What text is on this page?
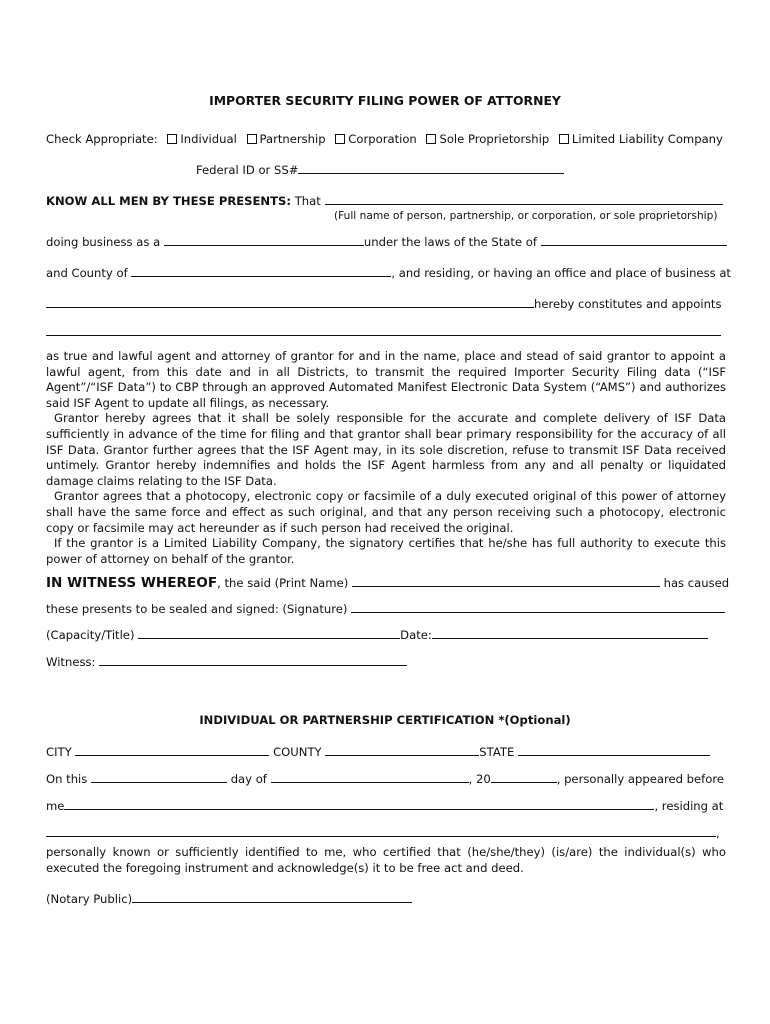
IMPORTER SECURITY FILING POWER OF ATTORNEY
Check Appropriate: Individual Partnership Corporation Sole Proprietorship Limited Liability Company
Federal ID or SS#
KNOW ALL MEN BY THESE PRESENTS: That
(Full name of person, partnership, or corporation, or sole proprietorship)
doing business as a	under the laws of the State of
and County of	, and residing, or having an office and place of business at
hereby constitutes and appoints

as true and lawful agent and attorney of grantor for and in the name, place and stead of said grantor to appoint a lawful agent, from this date and in all Districts, to transmit the required Importer Security Filing data (“ISF Agent”/“ISF Data”) to CBP through an approved Automated Manifest Electronic Data System (“AMS”) and authorizes said ISF Agent to update all filings, as necessary.

Grantor hereby agrees that it shall be solely responsible for the accurate and complete delivery of ISF Data sufficiently in advance of the time for filing and that grantor shall bear primary responsibility for the accuracy of all ISF Data. Grantor further agrees that the ISF Agent may, in its sole discretion, refuse to transmit ISF Data received untimely. Grantor hereby indemnifies and holds the ISF Agent harmless from any and all penalty or liquidated damage claims relating to the ISF Data.

Grantor agrees that a photocopy, electronic copy or facsimile of a duly executed original of this power of attorney shall have the same force and effect as such original, and that any person receiving such a photocopy, electronic copy or facsimile may act hereunder as if such person had received the original.

If the grantor is a Limited Liability Company, the signatory certifies that he/she has full authority to execute this power of attorney on behalf of the grantor.

IN WITNESS WHEREOF, the said (Print Name)	has caused
these presents to be sealed and signed: (Signature)
(Capacity/Title)	Date:
Witness:
INDIVIDUAL OR PARTNERSHIP CERTIFICATION *(Optional)
CITY	COUNTY	STATE
On this	day of	, 20	, personally appeared before
me	, residing at
,
personally known or sufficiently identified to me, who certified that (he/she/they) (is/are) the individual(s) who executed the foregoing instrument and acknowledge(s) it to be free act and deed.
(Notary Public)
